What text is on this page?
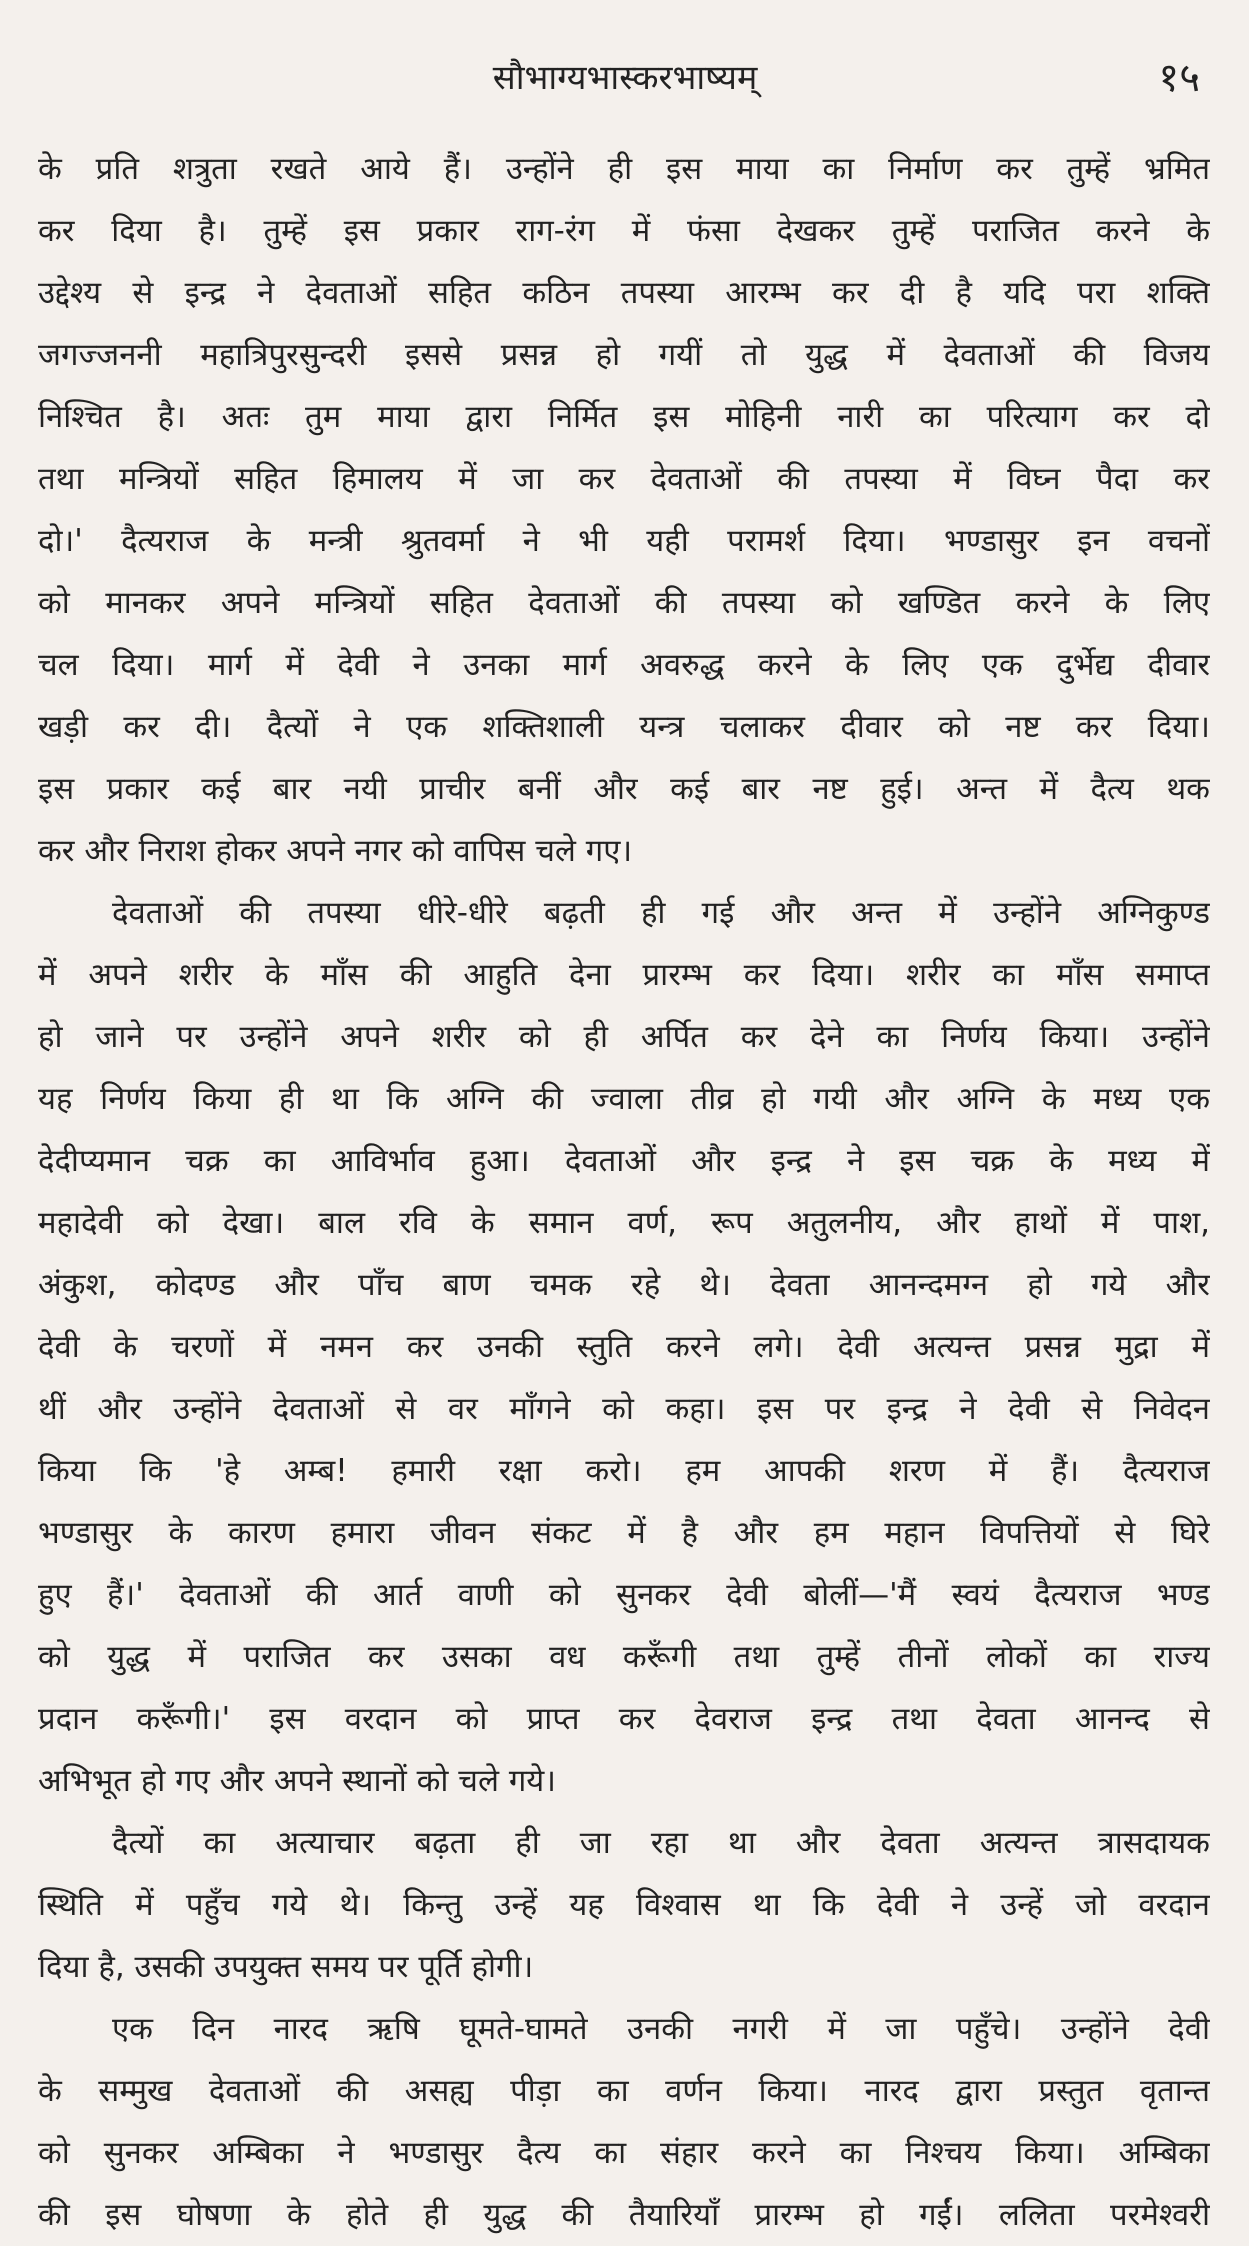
सौभाग्यभास्करभाष्यम्	१५
के प्रति शत्रुता रखते आये हैं। उन्होंने ही इस माया का निर्माण कर तुम्हें भ्रमित
कर दिया है। तुम्हें इस प्रकार राग-रंग में फंसा देखकर तुम्हें पराजित करने के
उद्देश्य से इन्द्र ने देवताओं सहित कठिन तपस्या आरम्भ कर दी है यदि परा शक्ति
जगज्जननी महात्रिपुरसुन्दरी इससे प्रसन्न हो गयीं तो युद्ध में देवताओं की विजय
निश्चित है। अतः तुम माया द्वारा निर्मित इस मोहिनी नारी का परित्याग कर दो
तथा मन्त्रियों सहित हिमालय में जा कर देवताओं की तपस्या में विघ्न पैदा कर
दो।' दैत्यराज के मन्त्री श्रुतवर्मा ने भी यही परामर्श दिया। भण्डासुर इन वचनों
को मानकर अपने मन्त्रियों सहित देवताओं की तपस्या को खण्डित करने के लिए
चल दिया। मार्ग में देवी ने उनका मार्ग अवरुद्ध करने के लिए एक दुर्भेद्य दीवार
खड़ी कर दी। दैत्यों ने एक शक्तिशाली यन्त्र चलाकर दीवार को नष्ट कर दिया।
इस प्रकार कई बार नयी प्राचीर बनीं और कई बार नष्ट हुई। अन्त में दैत्य थक
कर और निराश होकर अपने नगर को वापिस चले गए।
देवताओं की तपस्या धीरे-धीरे बढ़ती ही गई और अन्त में उन्होंने अग्निकुण्ड
में अपने शरीर के माँस की आहुति देना प्रारम्भ कर दिया। शरीर का माँस समाप्त
हो जाने पर उन्होंने अपने शरीर को ही अर्पित कर देने का निर्णय किया। उन्होंने
यह निर्णय किया ही था कि अग्नि की ज्वाला तीव्र हो गयी और अग्नि के मध्य एक
देदीप्यमान चक्र का आविर्भाव हुआ। देवताओं और इन्द्र ने इस चक्र के मध्य में
महादेवी को देखा। बाल रवि के समान वर्ण, रूप अतुलनीय, और हाथों में पाश,
अंकुश, कोदण्ड और पाँच बाण चमक रहे थे। देवता आनन्दमग्न हो गये और
देवी के चरणों में नमन कर उनकी स्तुति करने लगे। देवी अत्यन्त प्रसन्न मुद्रा में
थीं और उन्होंने देवताओं से वर माँगने को कहा। इस पर इन्द्र ने देवी से निवेदन
किया कि 'हे अम्ब! हमारी रक्षा करो। हम आपकी शरण में हैं। दैत्यराज
भण्डासुर के कारण हमारा जीवन संकट में है और हम महान विपत्तियों से घिरे
हुए हैं।' देवताओं की आर्त वाणी को सुनकर देवी बोलीं—'मैं स्वयं दैत्यराज भण्ड
को युद्ध में पराजित कर उसका वध करूँगी तथा तुम्हें तीनों लोकों का राज्य
प्रदान करूँगी।' इस वरदान को प्राप्त कर देवराज इन्द्र तथा देवता आनन्द से
अभिभूत हो गए और अपने स्थानों को चले गये।
दैत्यों का अत्याचार बढ़ता ही जा रहा था और देवता अत्यन्त त्रासदायक
स्थिति में पहुँच गये थे। किन्तु उन्हें यह विश्वास था कि देवी ने उन्हें जो वरदान
दिया है, उसकी उपयुक्त समय पर पूर्ति होगी।
एक दिन नारद ऋषि घूमते-घामते उनकी नगरी में जा पहुँचे। उन्होंने देवी
के सम्मुख देवताओं की असह्य पीड़ा का वर्णन किया। नारद द्वारा प्रस्तुत वृतान्त
को सुनकर अम्बिका ने भण्डासुर दैत्य का संहार करने का निश्चय किया। अम्बिका
की इस घोषणा के होते ही युद्ध की तैयारियाँ प्रारम्भ हो गईं। ललिता परमेश्वरी
